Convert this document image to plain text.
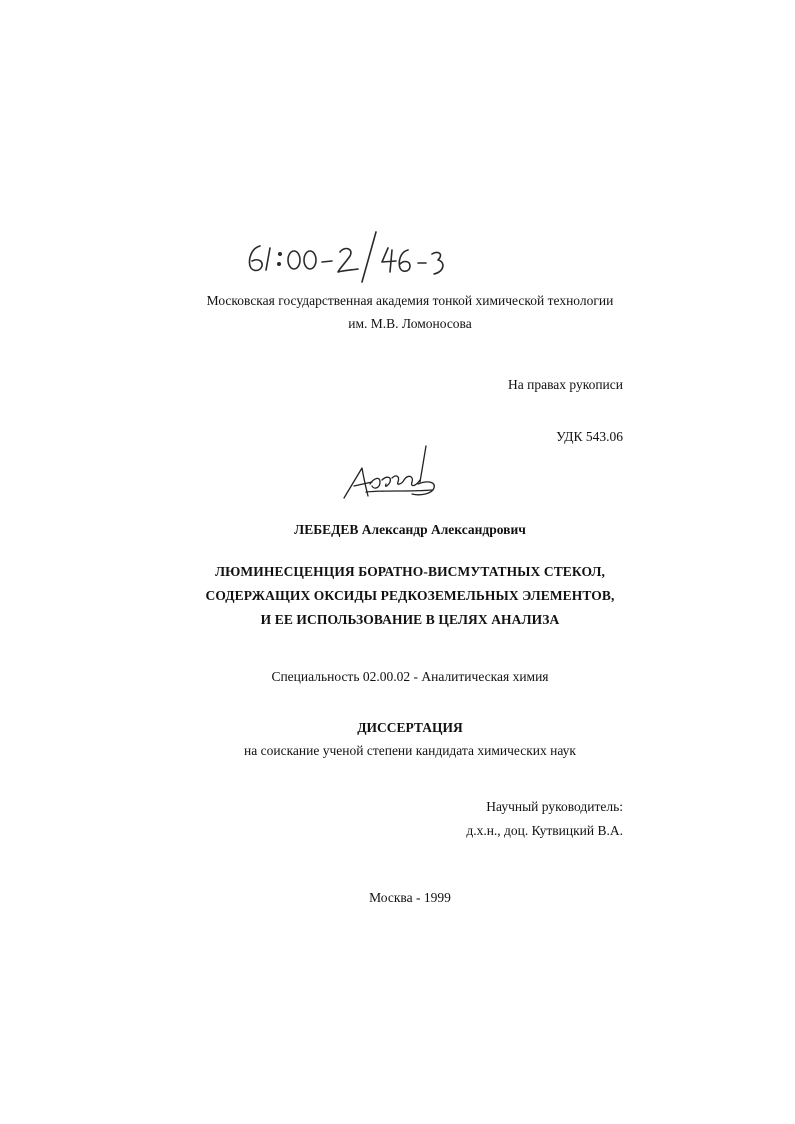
Московская государственная академия тонкой химической технологии
им. М.В. Ломоносова
На правах рукописи
УДК 543.06
ЛЕБЕДЕВ Александр Александрович
ЛЮМИНЕСЦЕНЦИЯ БОРАТНО-ВИСМУТАТНЫХ СТЕКОЛ,
СОДЕРЖАЩИХ ОКСИДЫ РЕДКОЗЕМЕЛЬНЫХ ЭЛЕМЕНТОВ,
И ЕЕ ИСПОЛЬЗОВАНИЕ В ЦЕЛЯХ АНАЛИЗА
Специальность 02.00.02 - Аналитическая химия
ДИССЕРТАЦИЯ
на соискание ученой степени кандидата химических наук
Научный руководитель:
д.х.н., доц. Кутвицкий В.А.
Москва - 1999
